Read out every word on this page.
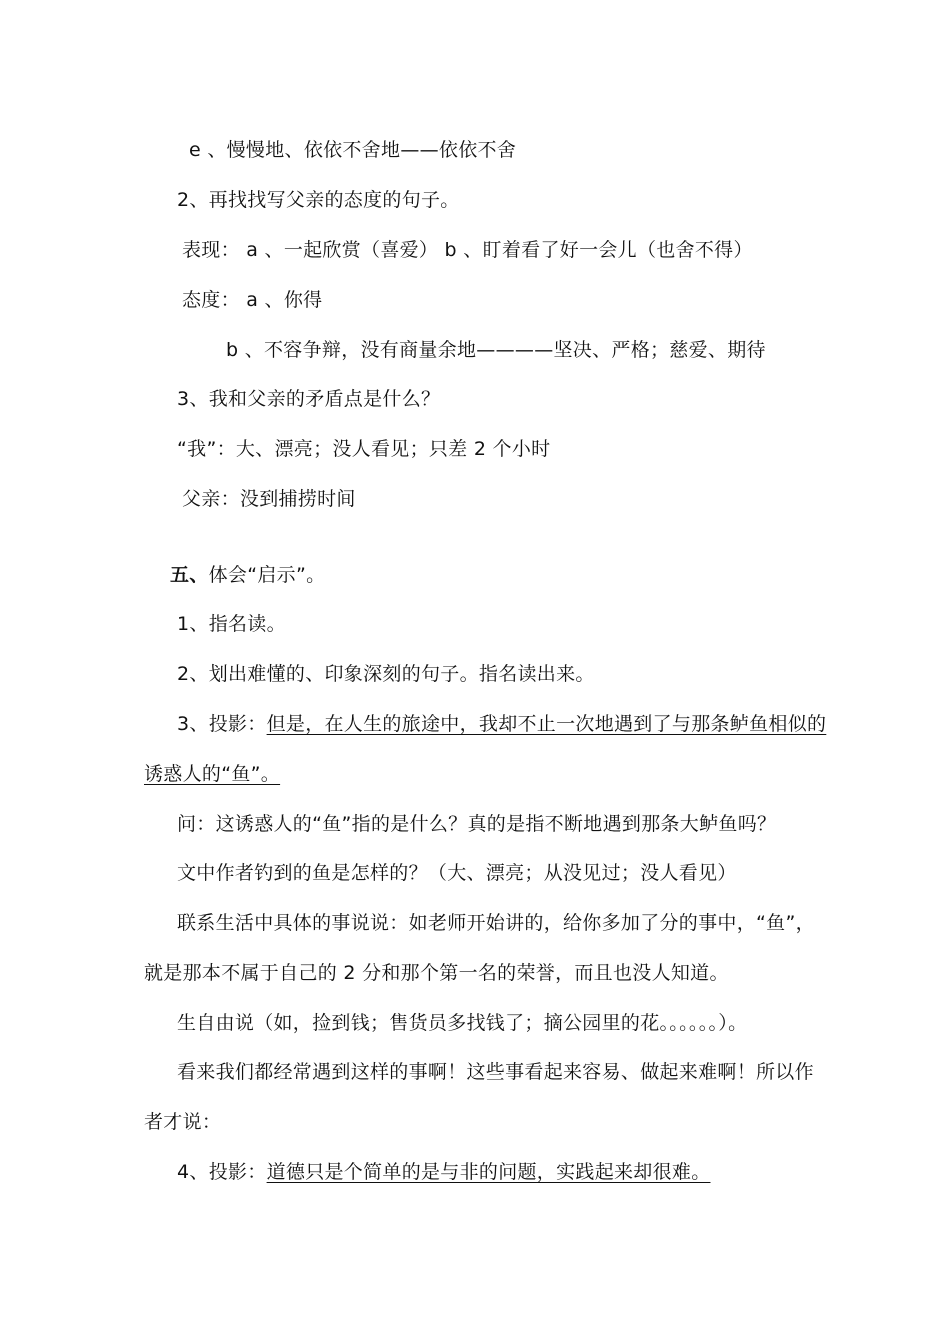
e 、慢慢地、依依不舍地——依依不舍
2、再找找写父亲的态度的句子。
表现： a 、一起欣赏（喜爱） b 、盯着看了好一会儿（也舍不得）
态度： a 、你得
b 、不容争辩，没有商量余地————坚决、严格；慈爱、期待
3、我和父亲的矛盾点是什么？
“我”：大、漂亮；没人看见；只差 2 个小时
父亲：没到捕捞时间
五、体会“启示”。
1、指名读。
2、划出难懂的、印象深刻的句子。指名读出来。
3、投影：但是，在人生的旅途中，我却不止一次地遇到了与那条鲈鱼相似的
诱惑人的“鱼”。
问：这诱惑人的“鱼”指的是什么？真的是指不断地遇到那条大鲈鱼吗？
文中作者钓到的鱼是怎样的？（大、漂亮；从没见过；没人看见）
联系生活中具体的事说说：如老师开始讲的，给你多加了分的事中，“鱼”，
就是那本不属于自己的 2 分和那个第一名的荣誉，而且也没人知道。
生自由说（如，捡到钱；售货员多找钱了；摘公园里的花。。。。。。）。
看来我们都经常遇到这样的事啊！这些事看起来容易、做起来难啊！所以作
者才说：
4、投影：道德只是个简单的是与非的问题，实践起来却很难。
